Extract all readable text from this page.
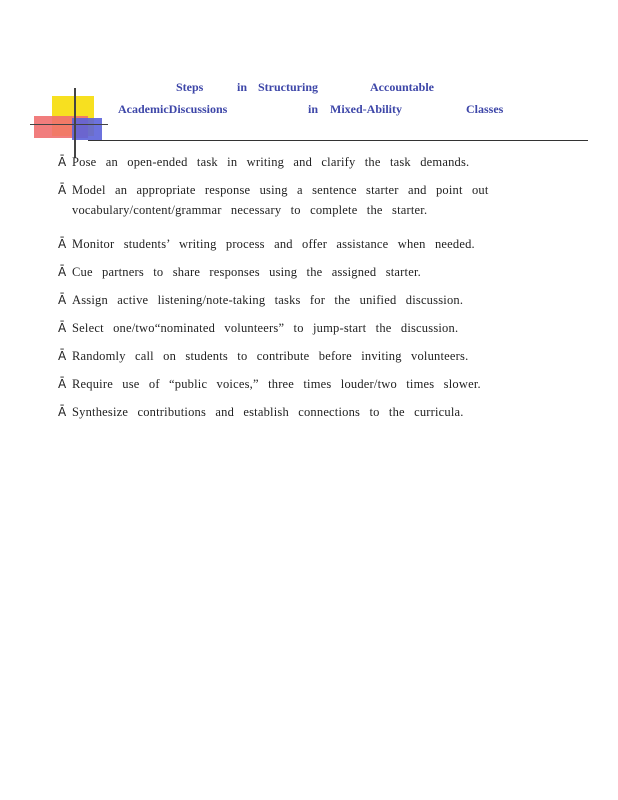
Steps	in Structuring	Accountable
AcademicDiscussions	in Mixed-Ability	Classes
Ā Pose an open-ended task in writing and clarify the task demands.
Ā Model an appropriate response using a sentence starter and point out vocabulary/content/grammar necessary to complete the starter.
Ā Monitor students’ writing process and offer assistance when needed.
Ā Cue partners to share responses using the assigned starter.
Ā Assign active listening/note-taking tasks for the unified discussion.
Ā Select one/two“nominated volunteers” to jump-start the discussion.
Ā Randomly call on students to contribute before inviting volunteers.
Ā Require use of “public voices,” three times louder/two times slower.
Ā Synthesize contributions and establish connections to the curricula.
